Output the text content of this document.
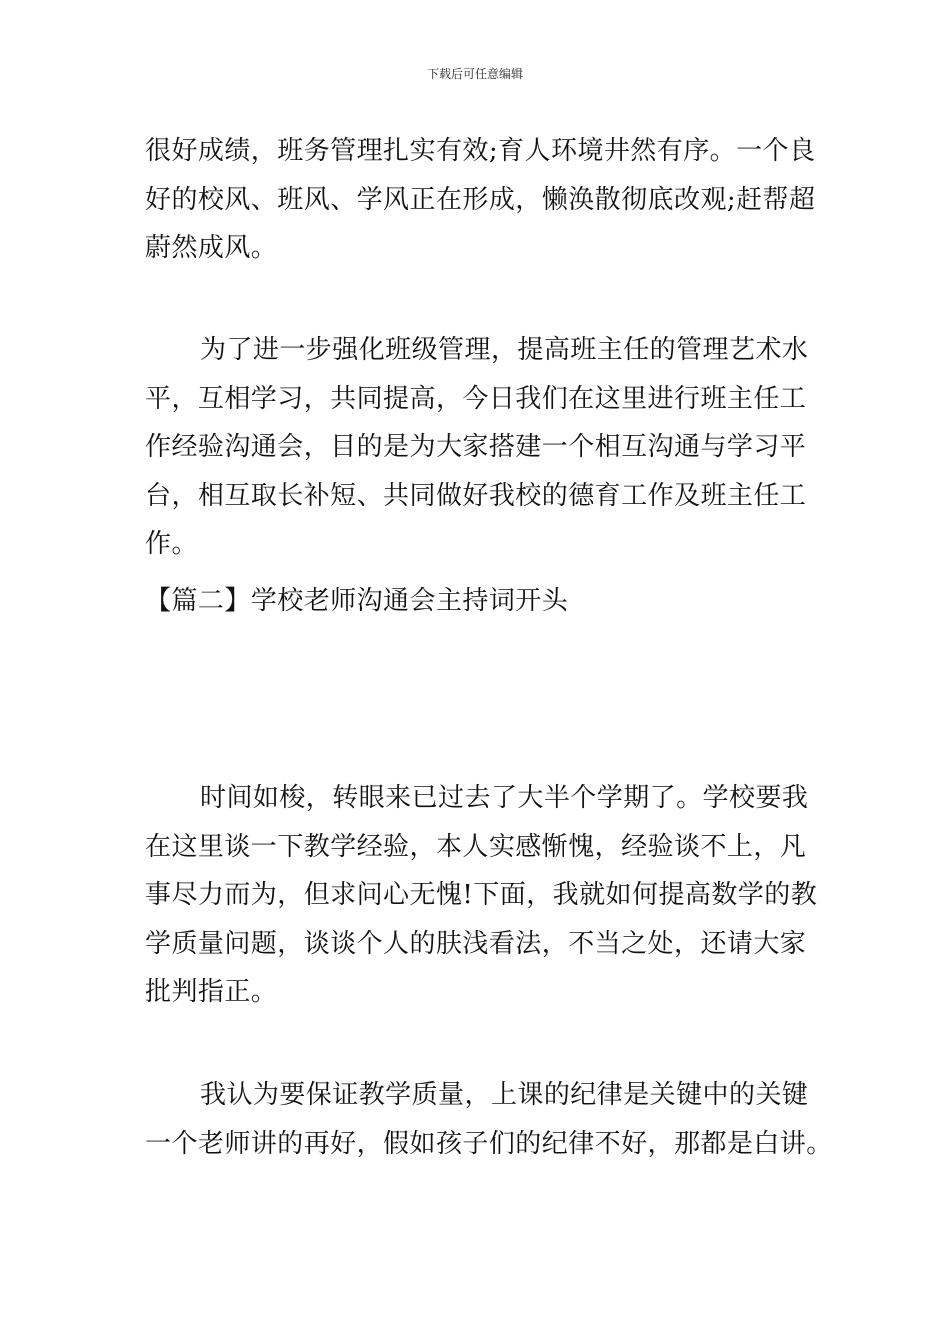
下载后可任意编辑

很好成绩，班务管理扎实有效;育人环境井然有序。一个良
好的校风、班风、学风正在形成，懒涣散彻底改观;赶帮超
蔚然成风。

为了进一步强化班级管理，提高班主任的管理艺术水
平，互相学习，共同提高，今日我们在这里进行班主任工
作经验沟通会，目的是为大家搭建一个相互沟通与学习平
台，相互取长补短、共同做好我校的德育工作及班主任工
作。

【篇二】学校老师沟通会主持词开头

时间如梭，转眼来已过去了大半个学期了。学校要我
在这里谈一下教学经验，本人实感惭愧，经验谈不上，凡
事尽力而为，但求问心无愧!下面，我就如何提高数学的教
学质量问题，谈谈个人的肤浅看法，不当之处，还请大家
批判指正。

我认为要保证教学质量，上课的纪律是关键中的关键
一个老师讲的再好，假如孩子们的纪律不好，那都是白讲。
